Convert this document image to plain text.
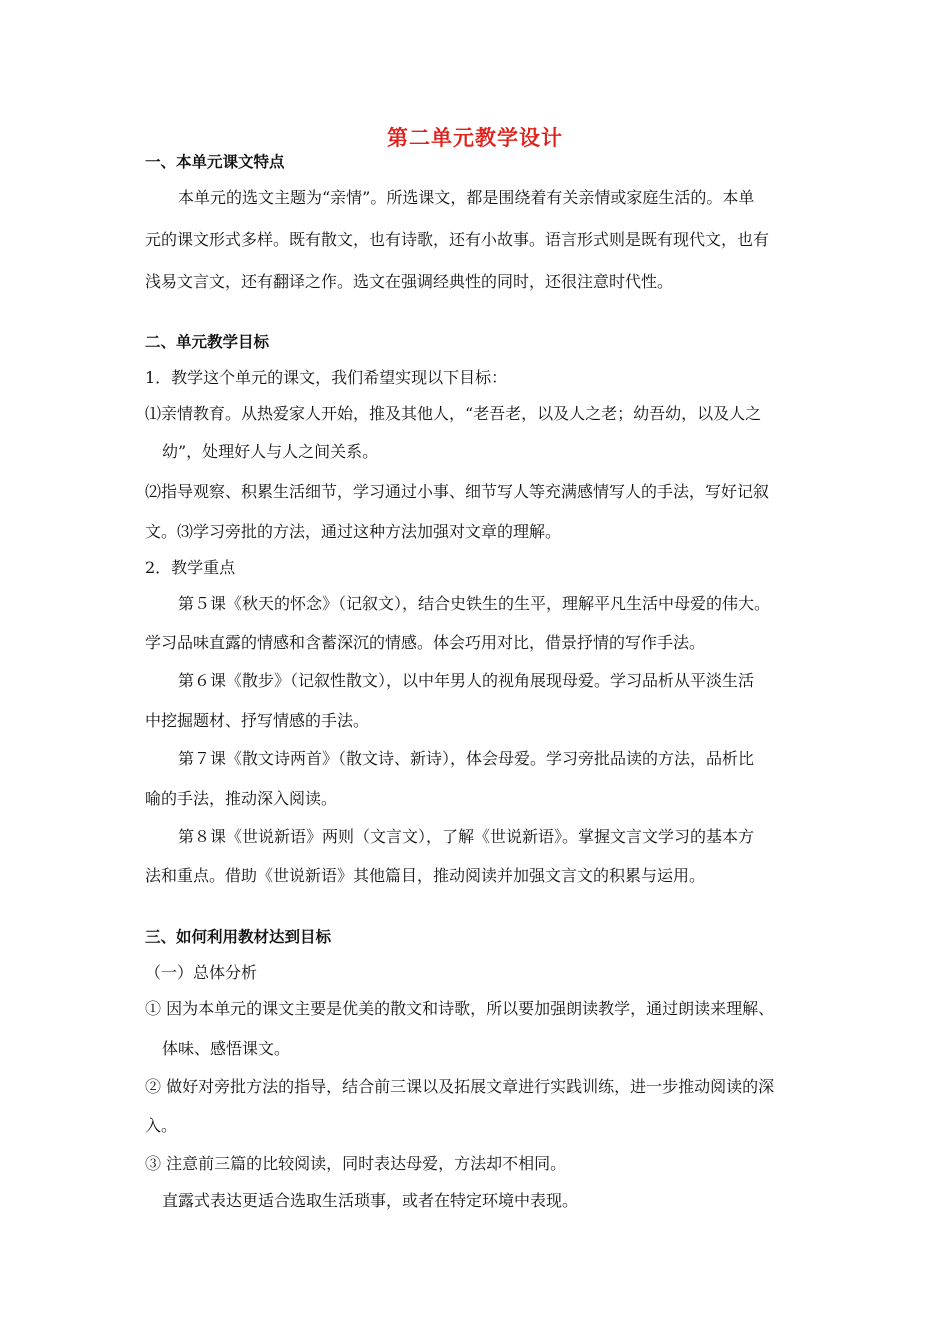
第二单元教学设计
一、本单元课文特点
本单元的选文主题为“亲情”。所选课文，都是围绕着有关亲情或家庭生活的。本单
元的课文形式多样。既有散文，也有诗歌，还有小故事。语言形式则是既有现代文，也有
浅易文言文，还有翻译之作。选文在强调经典性的同时，还很注意时代性。
二、单元教学目标
1．教学这个单元的课文，我们希望实现以下目标：
⑴亲情教育。从热爱家人开始，推及其他人，“老吾老，以及人之老；幼吾幼，以及人之
幼”，处理好人与人之间关系。
⑵指导观察、积累生活细节，学习通过小事、细节写人等充满感情写人的手法，写好记叙
文。⑶学习旁批的方法，通过这种方法加强对文章的理解。
2．教学重点
第５课《秋天的怀念》（记叙文），结合史铁生的生平，理解平凡生活中母爱的伟大。
学习品味直露的情感和含蓄深沉的情感。体会巧用对比，借景抒情的写作手法。
第６课《散步》（记叙性散文），以中年男人的视角展现母爱。学习品析从平淡生活
中挖掘题材、抒写情感的手法。
第７课《散文诗两首》（散文诗、新诗），体会母爱。学习旁批品读的方法，品析比
喻的手法，推动深入阅读。
第８课《世说新语》两则（文言文），了解《世说新语》。掌握文言文学习的基本方
法和重点。借助《世说新语》其他篇目，推动阅读并加强文言文的积累与运用。
三、如何利用教材达到目标
（一）总体分析
① 因为本单元的课文主要是优美的散文和诗歌，所以要加强朗读教学，通过朗读来理解、
体味、感悟课文。
② 做好对旁批方法的指导，结合前三课以及拓展文章进行实践训练，进一步推动阅读的深
入。
③ 注意前三篇的比较阅读，同时表达母爱，方法却不相同。
直露式表达更适合选取生活琐事，或者在特定环境中表现。
